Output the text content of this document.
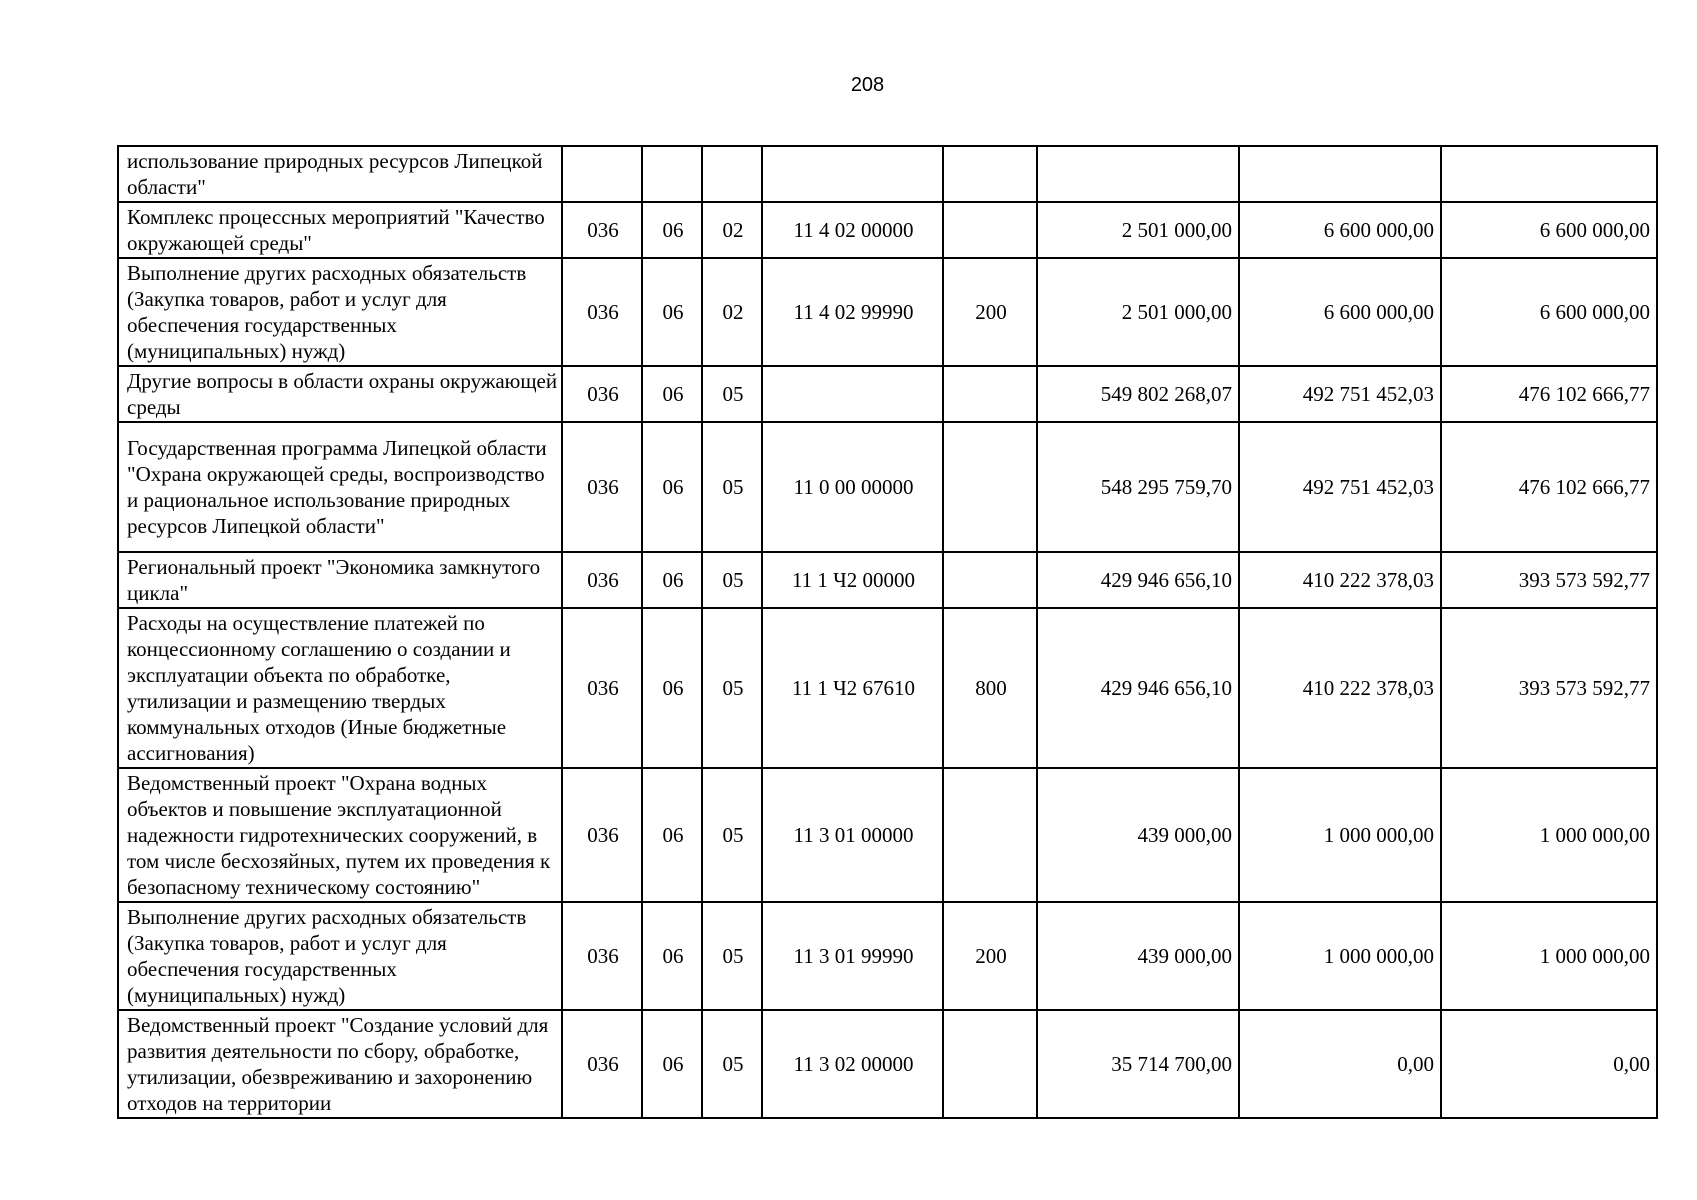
208
использование природных ресурсов Липецкой области"								
Комплекс процессных мероприятий "Качество окружающей среды"	036	06	02	11 4 02 00000		2 501 000,00	6 600 000,00	6 600 000,00
Выполнение других расходных обязательств (Закупка товаров, работ и услуг для обеспечения государственных (муниципальных) нужд)	036	06	02	11 4 02 99990	200	2 501 000,00	6 600 000,00	6 600 000,00
Другие вопросы в области охраны окружающей среды	036	06	05			549 802 268,07	492 751 452,03	476 102 666,77
Государственная программа Липецкой области "Охрана окружающей среды, воспроизводство и рациональное использование природных ресурсов Липецкой области"	036	06	05	11 0 00 00000		548 295 759,70	492 751 452,03	476 102 666,77
Региональный проект "Экономика замкнутого цикла"	036	06	05	11 1 Ч2 00000		429 946 656,10	410 222 378,03	393 573 592,77
Расходы на осуществление платежей по концессионному соглашению о создании и эксплуатации объекта по обработке, утилизации и размещению твердых коммунальных отходов (Иные бюджетные ассигнования)	036	06	05	11 1 Ч2 67610	800	429 946 656,10	410 222 378,03	393 573 592,77
Ведомственный проект "Охрана водных объектов и повышение эксплуатационной надежности гидротехнических сооружений, в том числе бесхозяйных, путем их проведения к безопасному техническому состоянию"	036	06	05	11 3 01 00000		439 000,00	1 000 000,00	1 000 000,00
Выполнение других расходных обязательств (Закупка товаров, работ и услуг для обеспечения государственных (муниципальных) нужд)	036	06	05	11 3 01 99990	200	439 000,00	1 000 000,00	1 000 000,00
Ведомственный проект "Создание условий для развития деятельности по сбору, обработке, утилизации, обезвреживанию и захоронению отходов на территории	036	06	05	11 3 02 00000		35 714 700,00	0,00	0,00
